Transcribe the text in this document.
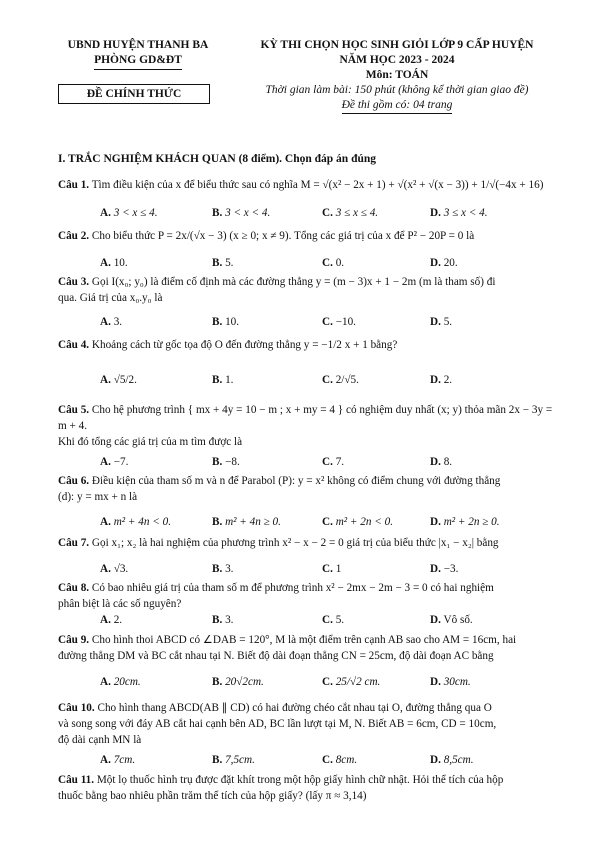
UBND HUYỆN THANH BA
PHÒNG GD&ĐT
ĐỀ CHÍNH THỨC
KỲ THI CHỌN HỌC SINH GIỎI LỚP 9 CẤP HUYỆN
NĂM HỌC 2023 - 2024
Môn: TOÁN
Thời gian làm bài: 150 phút (không kể thời gian giao đề)
Đề thi gồm có: 04 trang
I. TRẮC NGHIỆM KHÁCH QUAN (8 điểm). Chọn đáp án đúng
Câu 1. Tìm điều kiện của x để biểu thức sau có nghĩa M = √(x² − 2x + 1) + √(x² + √(x − 3)) + 1/√(−4x + 16)
A. 3 < x ≤ 4.	B. 3 < x < 4.	C. 3 ≤ x ≤ 4.	D. 3 ≤ x < 4.
Câu 2. Cho biểu thức P = 2x/(√x − 3) (x ≥ 0; x ≠ 9). Tổng các giá trị của x để P² − 20P = 0 là
A. 10.	B. 5.	C. 0.	D. 20.
Câu 3. Gọi I(x₀; y₀) là điểm cố định mà các đường thẳng y = (m − 3)x + 1 − 2m (m là tham số) đi
qua. Giá trị của x₀.y₀ là
A. 3.	B. 10.	C. −10.	D. 5.
Câu 4. Khoảng cách từ gốc tọa độ O đến đường thẳng y = −1/2 x + 1 bằng?
A. √5/2.	B. 1.	C. 2/√5.	D. 2.
Câu 5. Cho hệ phương trình { mx + 4y = 10 − m ; x + my = 4 } có nghiệm duy nhất (x; y) thỏa mãn 2x − 3y = m + 4.
Khi đó tổng các giá trị của m tìm được là
A. −7.	B. −8.	C. 7.	D. 8.
Câu 6. Điều kiện của tham số m và n để Parabol (P): y = x² không có điểm chung với đường thẳng
(d): y = mx + n là
A. m² + 4n < 0.	B. m² + 4n ≥ 0.	C. m² + 2n < 0.	D. m² + 2n ≥ 0.
Câu 7. Gọi x₁; x₂ là hai nghiệm của phương trình x² − x − 2 = 0 giá trị của biểu thức |x₁ − x₂| bằng
A. √3.	B. 3.	C. 1	D. −3.
Câu 8. Có bao nhiêu giá trị của tham số m để phương trình x² − 2mx − 2m − 3 = 0 có hai nghiệm
phân biệt là các số nguyên?
A. 2.	B. 3.	C. 5.	D. Vô số.
Câu 9. Cho hình thoi ABCD có ∠DAB = 120°, M là một điểm trên cạnh AB sao cho AM = 16cm, hai
đường thẳng DM và BC cắt nhau tại N. Biết độ dài đoạn thẳng CN = 25cm, độ dài đoạn AC bằng
A. 20cm.	B. 20√2cm.	C. 25/√2 cm.	D. 30cm.
Câu 10. Cho hình thang ABCD(AB ∥ CD) có hai đường chéo cắt nhau tại O, đường thẳng qua O
và song song với đáy AB cắt hai cạnh bên AD, BC lần lượt tại M, N. Biết AB = 6cm, CD = 10cm,
độ dài cạnh MN là
A. 7cm.	B. 7,5cm.	C. 8cm.	D. 8,5cm.
Câu 11. Một lọ thuốc hình trụ được đặt khít trong một hộp giấy hình chữ nhật. Hỏi thể tích của hộp
thuốc bằng bao nhiêu phần trăm thể tích của hộp giấy? (lấy π ≈ 3,14)
